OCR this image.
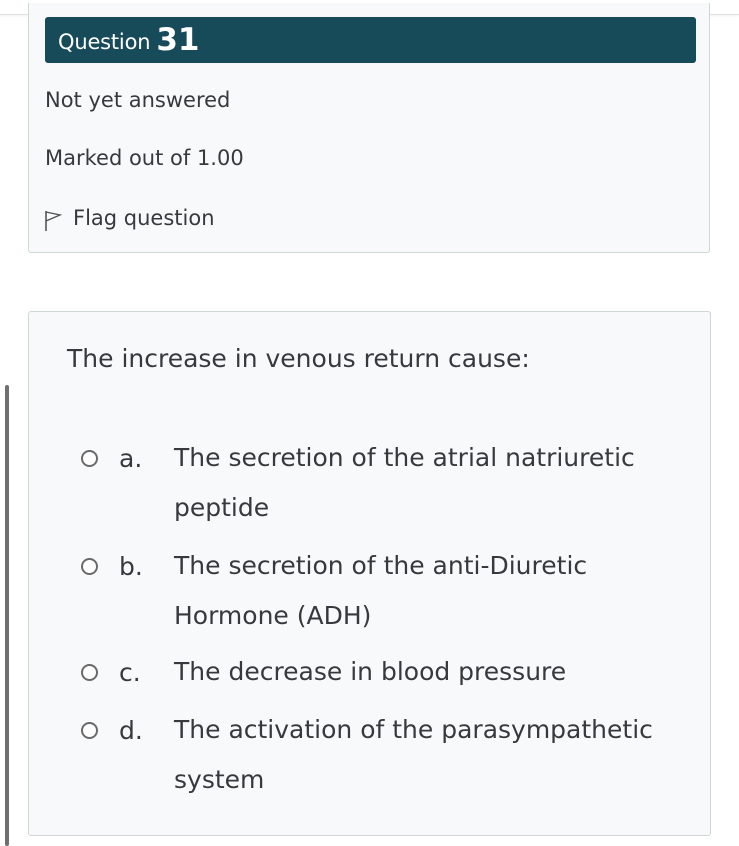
Question 31
Not yet answered
Marked out of 1.00
Flag question
The increase in venous return cause:
a. The secretion of the atrial natriuretic peptide
b. The secretion of the anti-Diuretic Hormone (ADH)
c. The decrease in blood pressure
d. The activation of the parasympathetic system
